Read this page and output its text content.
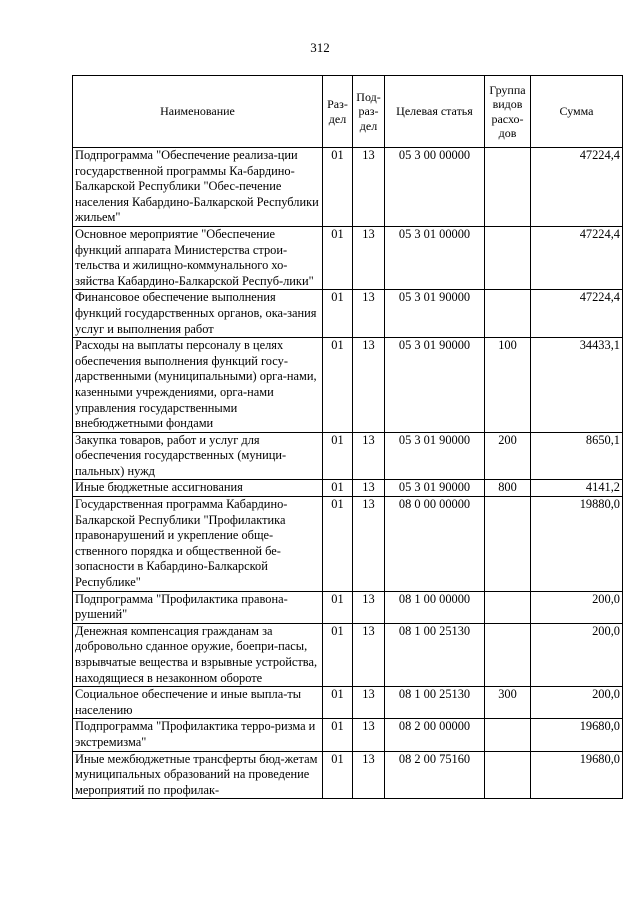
312
Наименование	Раз-дел	Под-раз-дел	Целевая статья	Группа видов расхо-дов	Сумма
Подпрограмма "Обеспечение реализа-ции государственной программы Ка-бардино-Балкарской Республики "Обес-печение населения Кабардино-Балкарской Республики жильем"	01	13	05 3 00 00000		47224,4
Основное мероприятие "Обеспечение функций аппарата Министерства строи-тельства и жилищно-коммунального хо-зяйства Кабардино-Балкарской Респуб-лики"	01	13	05 3 01 00000		47224,4
Финансовое обеспечение выполнения функций государственных органов, ока-зания услуг и выполнения работ	01	13	05 3 01 90000		47224,4
Расходы на выплаты персоналу в целях обеспечения выполнения функций госу-дарственными (муниципальными) орга-нами, казенными учреждениями, орга-нами управления государственными внебюджетными фондами	01	13	05 3 01 90000	100	34433,1
Закупка товаров, работ и услуг для обеспечения государственных (муници-пальных) нужд	01	13	05 3 01 90000	200	8650,1
Иные бюджетные ассигнования	01	13	05 3 01 90000	800	4141,2
Государственная программа Кабардино-Балкарской Республики "Профилактика правонарушений и укрепление обще-ственного порядка и общественной бе-зопасности в Кабардино-Балкарской Республике"	01	13	08 0 00 00000		19880,0
Подпрограмма "Профилактика правона-рушений"	01	13	08 1 00 00000		200,0
Денежная компенсация гражданам за добровольно сданное оружие, боепри-пасы, взрывчатые вещества и взрывные устройства, находящиеся в незаконном обороте	01	13	08 1 00 25130		200,0
Социальное обеспечение и иные выпла-ты населению	01	13	08 1 00 25130	300	200,0
Подпрограмма "Профилактика терро-ризма и экстремизма"	01	13	08 2 00 00000		19680,0
Иные межбюджетные трансферты бюд-жетам муниципальных образований на проведение мероприятий по профилак-	01	13	08 2 00 75160		19680,0
